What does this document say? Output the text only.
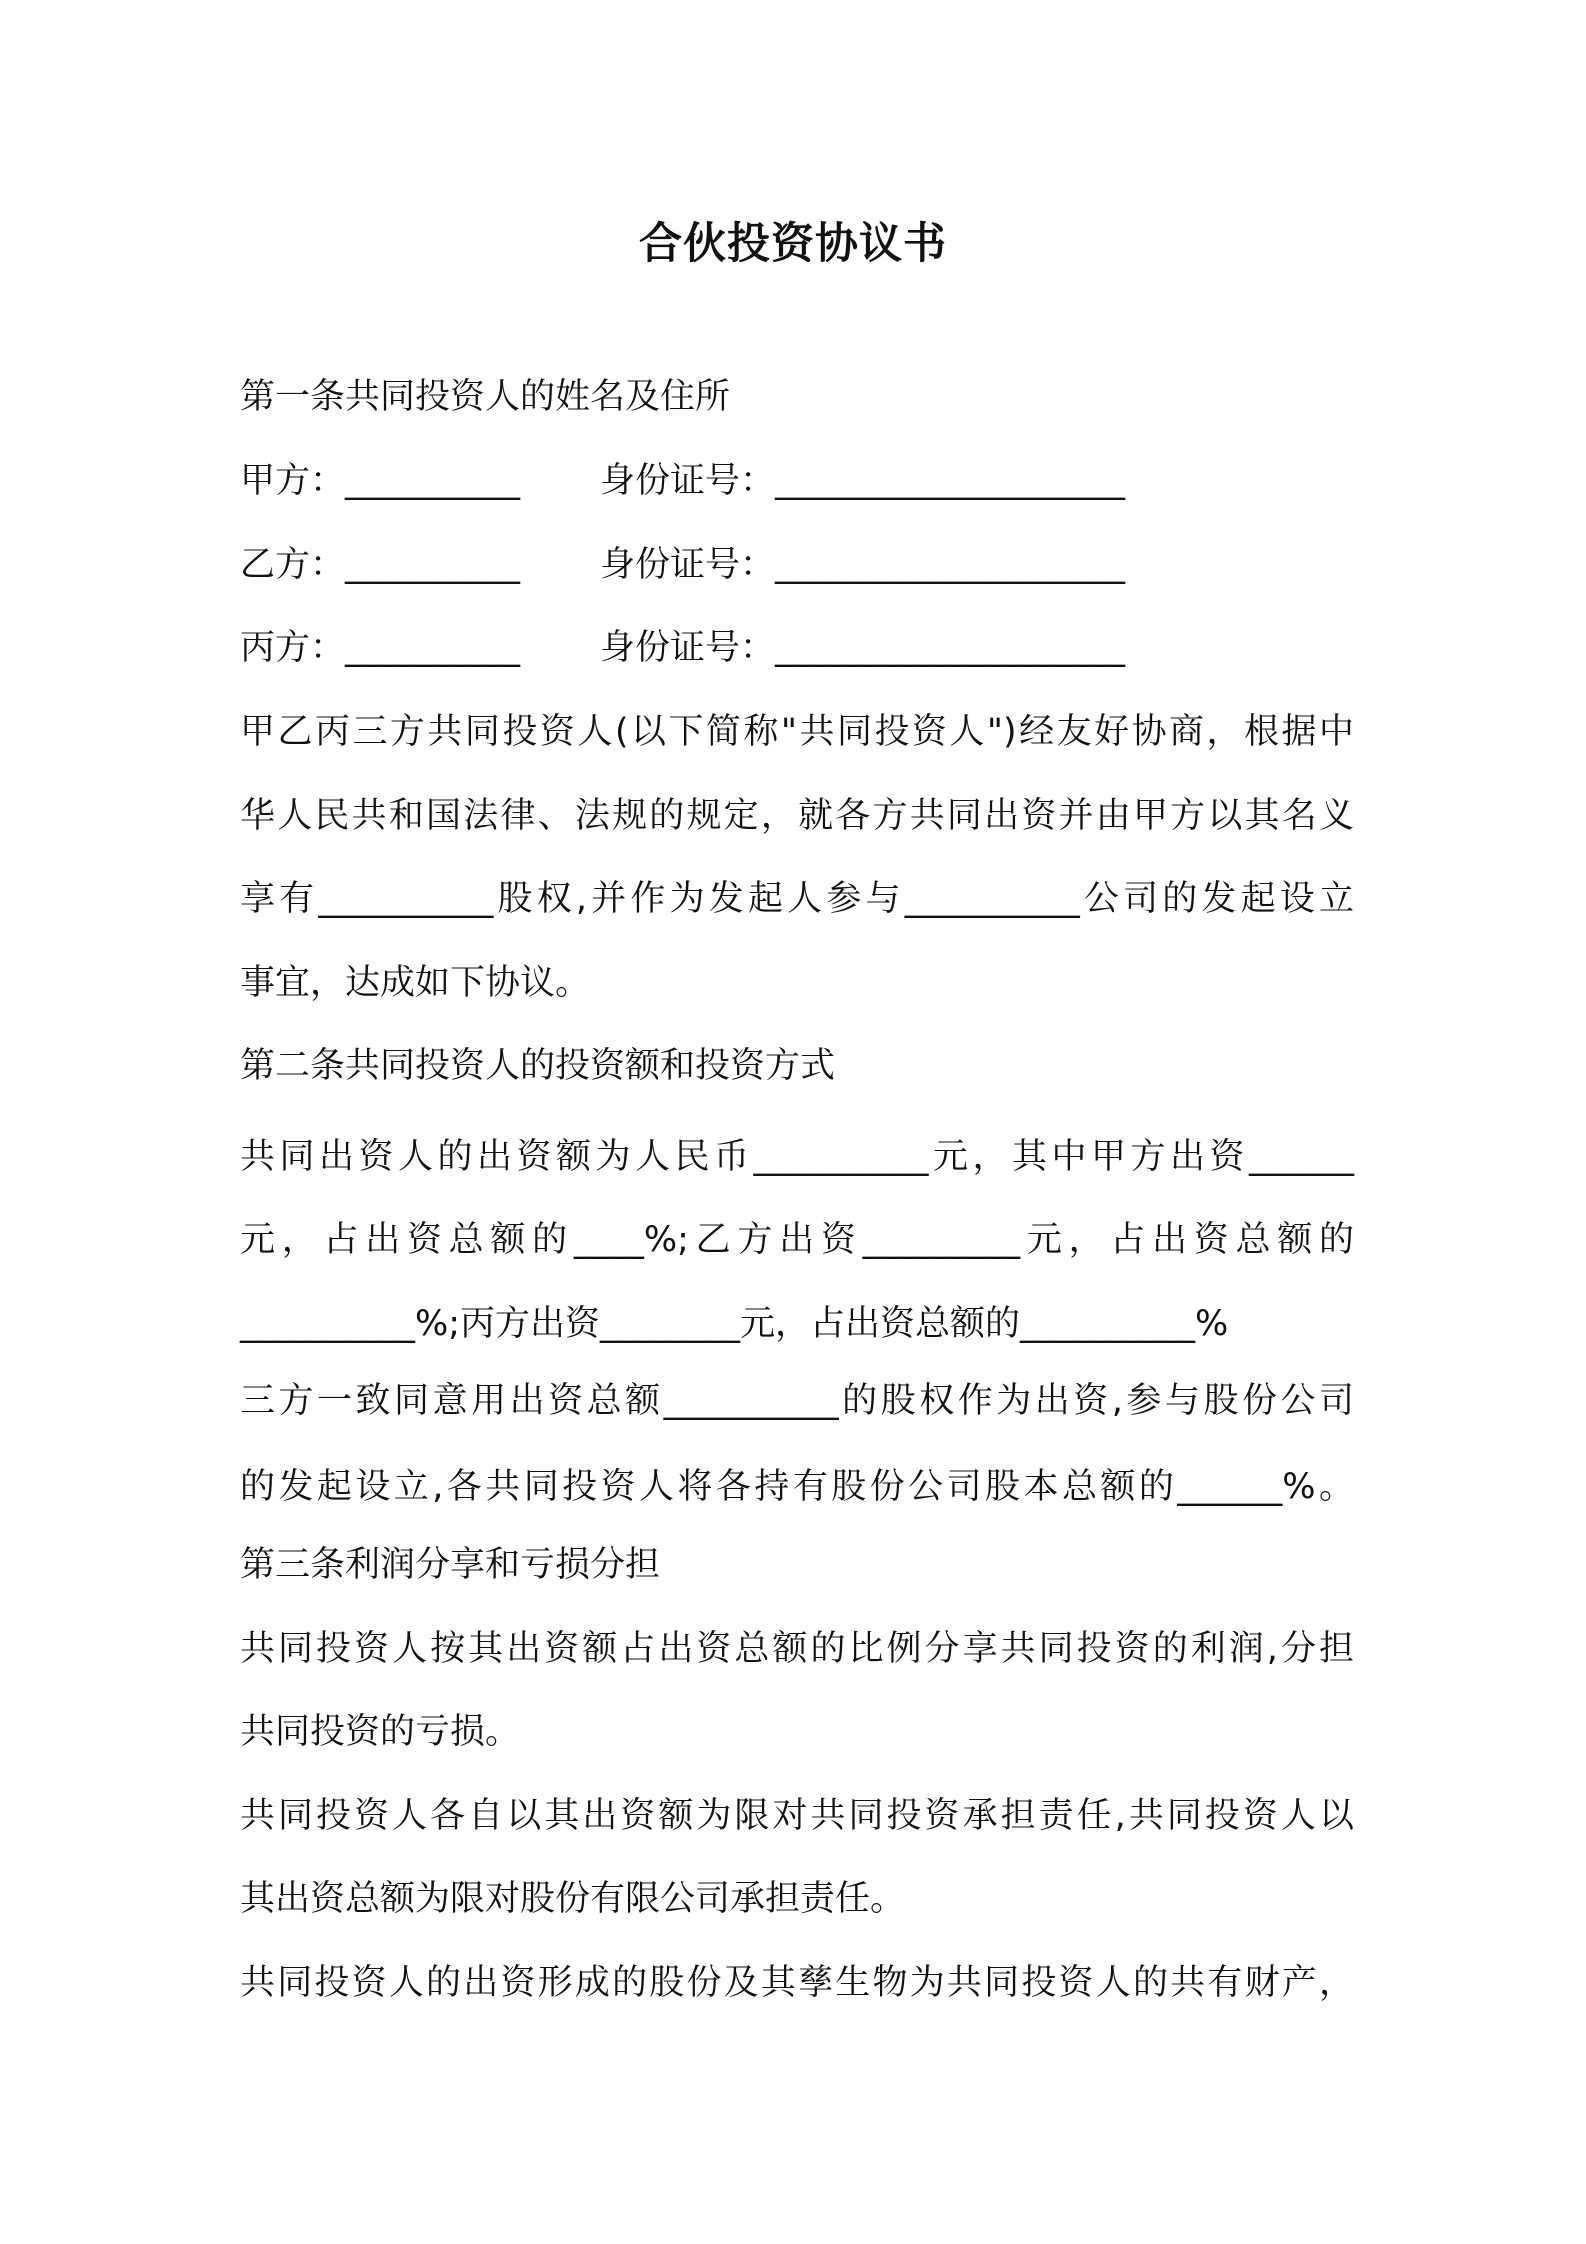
合伙投资协议书
第一条共同投资人的姓名及住所
甲方：__________ 身份证号：____________________
乙方：__________ 身份证号：____________________
丙方：__________ 身份证号：____________________
甲乙丙三方共同投资人(以下简称"共同投资人")经友好协商，根据中
华人民共和国法律、法规的规定，就各方共同出资并由甲方以其名义
享有__________股权,并作为发起人参与__________公司的发起设立
事宜，达成如下协议。
第二条共同投资人的投资额和投资方式
共同出资人的出资额为人民币__________元，其中甲方出资______
元，占出资总额的____%;乙方出资_________元，占出资总额的
__________%;丙方出资________元，占出资总额的__________%
三方一致同意用出资总额__________的股权作为出资,参与股份公司
的发起设立,各共同投资人将各持有股份公司股本总额的______%。
第三条利润分享和亏损分担
共同投资人按其出资额占出资总额的比例分享共同投资的利润,分担
共同投资的亏损。
共同投资人各自以其出资额为限对共同投资承担责任,共同投资人以
其出资总额为限对股份有限公司承担责任。
共同投资人的出资形成的股份及其孳生物为共同投资人的共有财产，
